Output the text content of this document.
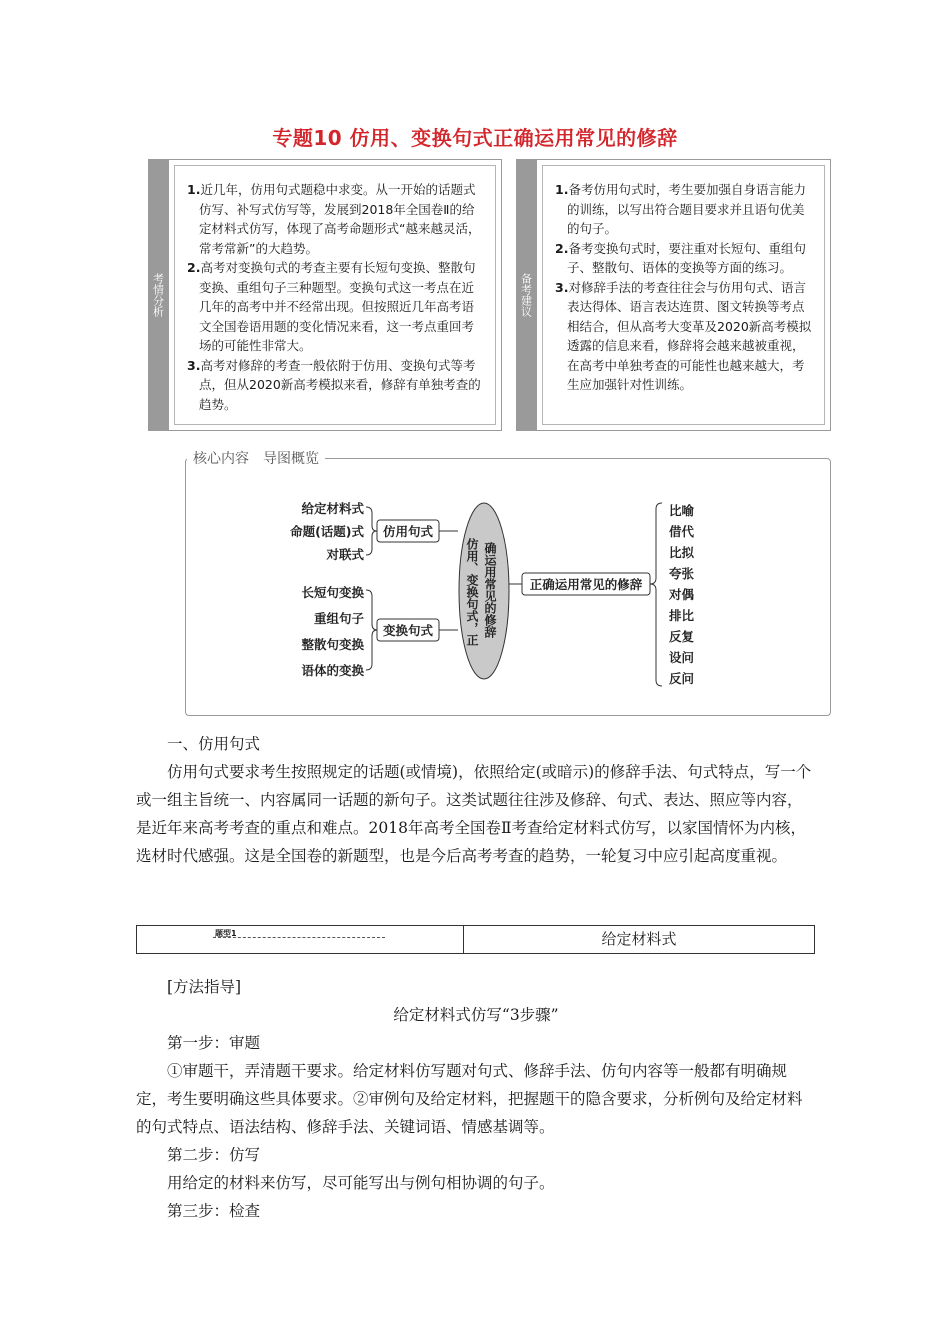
专题10 仿用、变换句式正确运用常见的修辞
考情分析

1.近几年，仿用句式题稳中求变。从一开始的话题式仿写、补写式仿写等，发展到2018年全国卷Ⅱ的给定材料式仿写，体现了高考命题形式“越来越灵活，常考常新”的大趋势。

2.高考对变换句式的考查主要有长短句变换、整散句变换、重组句子三种题型。变换句式这一考点在近几年的高考中并不经常出现。但按照近几年高考语文全国卷语用题的变化情况来看，这一考点重回考场的可能性非常大。

3.高考对修辞的考查一般依附于仿用、变换句式等考点，但从2020新高考模拟来看，修辞有单独考查的趋势。

备考建议

1.备考仿用句式时，考生要加强自身语言能力的训练，以写出符合题目要求并且语句优美的句子。

2.备考变换句式时，要注重对长短句、重组句子、整散句、语体的变换等方面的练习。

3.对修辞手法的考查往往会与仿用句式、语言表达得体、语言表达连贯、图文转换等考点相结合，但从高考大变革及2020新高考模拟透露的信息来看，修辞将会越来越被重视，在高考中单独考查的可能性也越来越大，考生应加强针对性训练。

核心内容　导图概览
给定材料式
命题(话题)式
对联式
仿用句式
长短句变换
重组句子
整散句变换
语体的变换
变换句式	仿用、变换句式，正 确运用常见的修辞	正确运用常见的修辞
比喻
借代
比拟
夸张
对偶
排比
反复
设问
反问

一、仿用句式

仿用句式要求考生按照规定的话题(或情境)，依照给定(或暗示)的修辞手法、句式特点，写一个或一组主旨统一、内容属同一话题的新句子。这类试题往往涉及修辞、句式、表达、照应等内容，是近年来高考考查的重点和难点。2018年高考全国卷Ⅱ考查给定材料式仿写，以家国情怀为内核，选材时代感强。这是全国卷的新题型，也是今后高考考查的趋势，一轮复习中应引起高度重视。

题型1	给定材料式

[方法指导]

给定材料式仿写“3步骤”

第一步：审题

①审题干，弄清题干要求。给定材料仿写题对句式、修辞手法、仿句内容等一般都有明确规定，考生要明确这些具体要求。②审例句及给定材料，把握题干的隐含要求，分析例句及给定材料的句式特点、语法结构、修辞手法、关键词语、情感基调等。

第二步：仿写

用给定的材料来仿写，尽可能写出与例句相协调的句子。

第三步：检查
